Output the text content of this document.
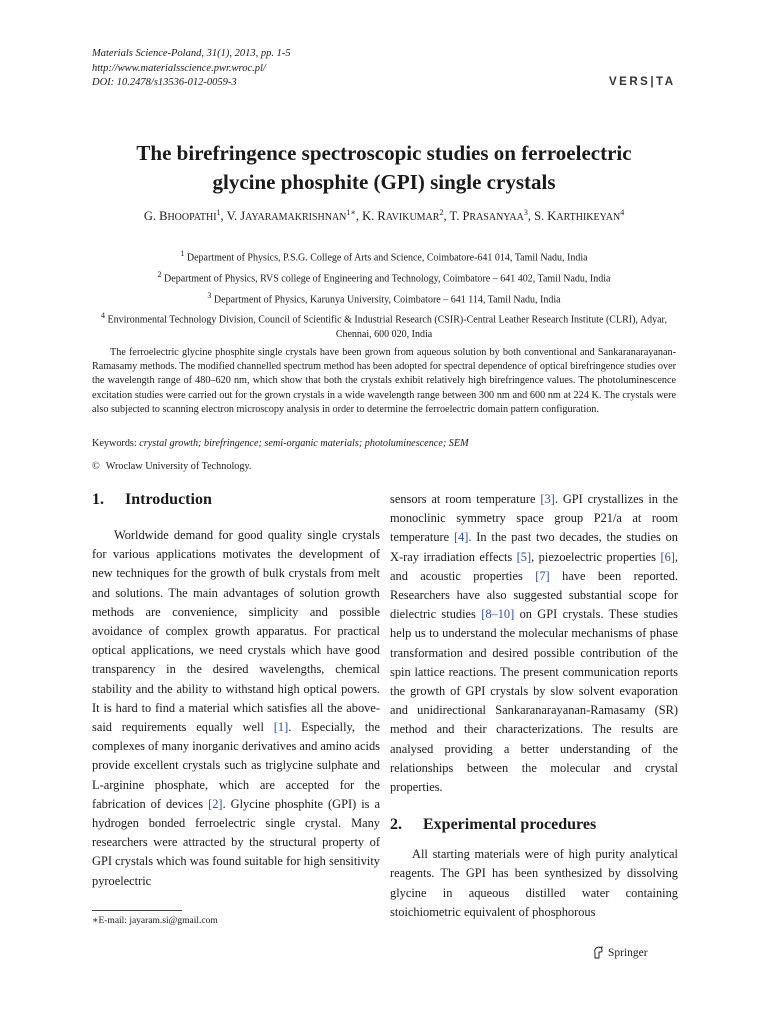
Materials Science-Poland, 31(1), 2013, pp. 1-5
http://www.materialsscience.pwr.wroc.pl/
DOI: 10.2478/s13536-012-0059-3	VERS|TA
The birefringence spectroscopic studies on ferroelectric
glycine phosphite (GPI) single crystals
G. BHOOPATHI$^1$, V. $JAYARAMAKRISHNAN^{1∗}$, K. RAVIKUMAR$^2$, T. PRASANYAA$^3$, S. KARTHIKEYAN$^4$
$^1$ Department of Physics, P.S.G. College of Arts and Science, Coimbatore-641 014, Tamil Nadu, India
$^2$ Department of Physics, RVS college of Engineering and Technology, Coimbatore – 641 402, Tamil Nadu, India
$^3$ Department of Physics, Karunya University, Coimbatore – 641 114, Tamil Nadu, India
$^4$ Environmental Technology Division, Council of Scientific & Industrial Research (CSIR)-Central Leather Research Institute (CLRI), Adyar, Chennai, 600 020, India
The ferroelectric glycine phosphite single crystals have been grown from aqueous solution by both conventional and Sankaranarayanan-Ramasamy methods. The modified channelled spectrum method has been adopted for spectral dependence of optical birefringence studies over the wavelength range of 480–620 nm, which show that both the crystals exhibit relatively high birefringence values. The photoluminescence excitation studies were carried out for the grown crystals in a wide wavelength range between 300 nm and 600 nm at 224 K. The crystals were also subjected to scanning electron microscopy analysis in order to determine the ferroelectric domain pattern configuration.
Keywords: crystal growth; birefringence; semi-organic materials; photoluminescence; SEM
© Wroclaw University of Technology.
1. Introduction

Worldwide demand for good quality single crystals for various applications motivates the development of new techniques for the growth of bulk crystals from melt and solutions. The main advantages of solution growth methods are convenience, simplicity and possible avoidance of complex growth apparatus. For practical optical applications, we need crystals which have good transparency in the desired wavelengths, chemical stability and the ability to withstand high optical powers. It is hard to find a material which satisfies all the above-said requirements equally well [1]. Especially, the complexes of many inorganic derivatives and amino acids provide excellent crystals such as triglycine sulphate and L-arginine phosphate, which are accepted for the fabrication of devices [2]. Glycine phosphite (GPI) is a hydrogen bonded ferroelectric single crystal. Many researchers were attracted by the structural property of GPI crystals which was found suitable for high sensitivity pyroelectric

sensors at room temperature [3]. GPI crystallizes in the monoclinic symmetry space group P21/a at room temperature [4]. In the past two decades, the studies on X-ray irradiation effects [5], piezoelectric properties [6], and acoustic properties [7] have been reported. Researchers have also suggested substantial scope for dielectric studies [8–10] on GPI crystals. These studies help us to understand the molecular mechanisms of phase transformation and desired possible contribution of the spin lattice reactions. The present communication reports the growth of GPI crystals by slow solvent evaporation and unidirectional Sankaranarayanan-Ramasamy (SR) method and their characterizations. The results are analysed providing a better understanding of the relationships between the molecular and crystal properties.

2. Experimental procedures

All starting materials were of high purity analytical reagents. The GPI has been synthesized by dissolving glycine in aqueous distilled water containing stoichiometric equivalent of phosphorous

∗E-mail: jayaram.si@gmail.com
Springer
